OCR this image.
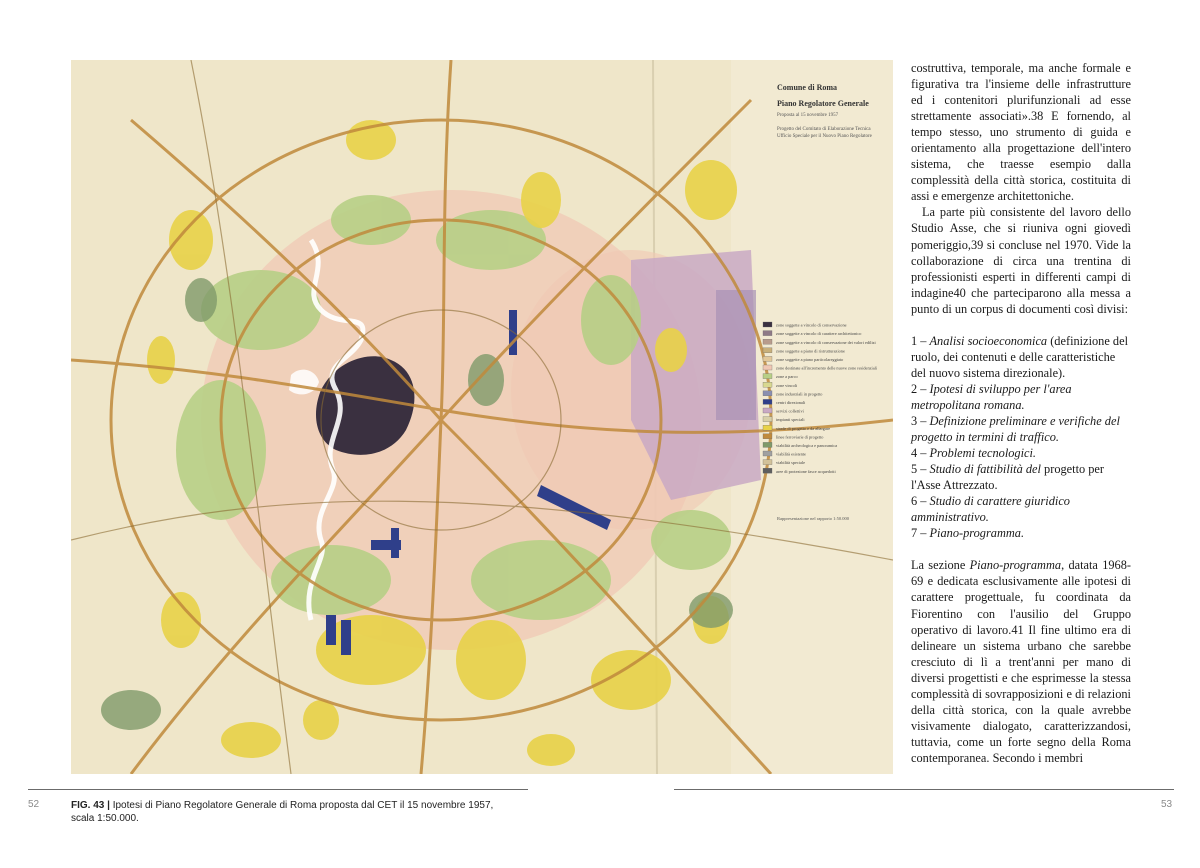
Comune di Roma
Piano Regolatore Generale
Proposta al 15 novembre 1957
Progetto del Comitato di Elaborazione Tecnica
Ufficio Speciale per il Nuovo Piano Regolatore
zone soggette a vincolo di conservazione
zone soggette a vincolo di carattere architettonico
zone soggette a vincolo di conservazione dei valori edilizi
zone soggette a piano di ristrutturazione
zone soggette a piano particolareggiato
zone destinate all'incremento delle nuove zone residenziali
zone a parco
zone vincoli
zone industriali in progetto
centri direzionali
servizi collettivi
impianti speciali
strade di progetto e da allargare
linee ferroviarie di progetto
viabilità archeologica e panoramica
viabilità esistente
viabilità speciale
aree di protezione fasce acquedotti
Rappresentazione nel rapporto 1:50.000

costruttiva, temporale, ma anche formale e figurativa tra l'insieme delle infrastrutture ed i contenitori plurifunzionali ad esse strettamente associati».38 E fornendo, al tempo stesso, uno strumento di guida e orientamento alla progettazione dell'intero sistema, che traesse esempio dalla complessità della città storica, costituita di assi e emergenze architettoniche.

La parte più consistente del lavoro dello Studio Asse, che si riuniva ogni giovedì pomeriggio,39 si concluse nel 1970. Vide la collaborazione di circa una trentina di professionisti esperti in differenti campi di indagine40 che parteciparono alla messa a punto di un corpus di documenti così divisi:

1 – Analisi socioeconomica (definizione del ruolo, dei contenuti e delle caratteristiche del nuovo sistema direzionale).
2 – Ipotesi di sviluppo per l'area metropolitana romana.
3 – Definizione preliminare e verifiche del progetto in termini di traffico.
4 – Problemi tecnologici.
5 – Studio di fattibilità del progetto per l'Asse Attrezzato.
6 – Studio di carattere giuridico amministrativo.
7 – Piano-programma.

La sezione Piano-programma, datata 1968-69 e dedicata esclusivamente alle ipotesi di carattere progettuale, fu coordinata da Fiorentino con l'ausilio del Gruppo operativo di lavoro.41 Il fine ultimo era di delineare un sistema urbano che sarebbe cresciuto di lì a trent'anni per mano di diversi progettisti e che esprimesse la stessa complessità di sovrapposizioni e di relazioni della città storica, con la quale avrebbe visivamente dialogato, caratterizzandosi, tuttavia, come un forte segno della Roma contemporanea. Secondo i membri

52	53
FIG. 43 | Ipotesi di Piano Regolatore Generale di Roma proposta dal CET il 15 novembre 1957, scala 1:50.000.
